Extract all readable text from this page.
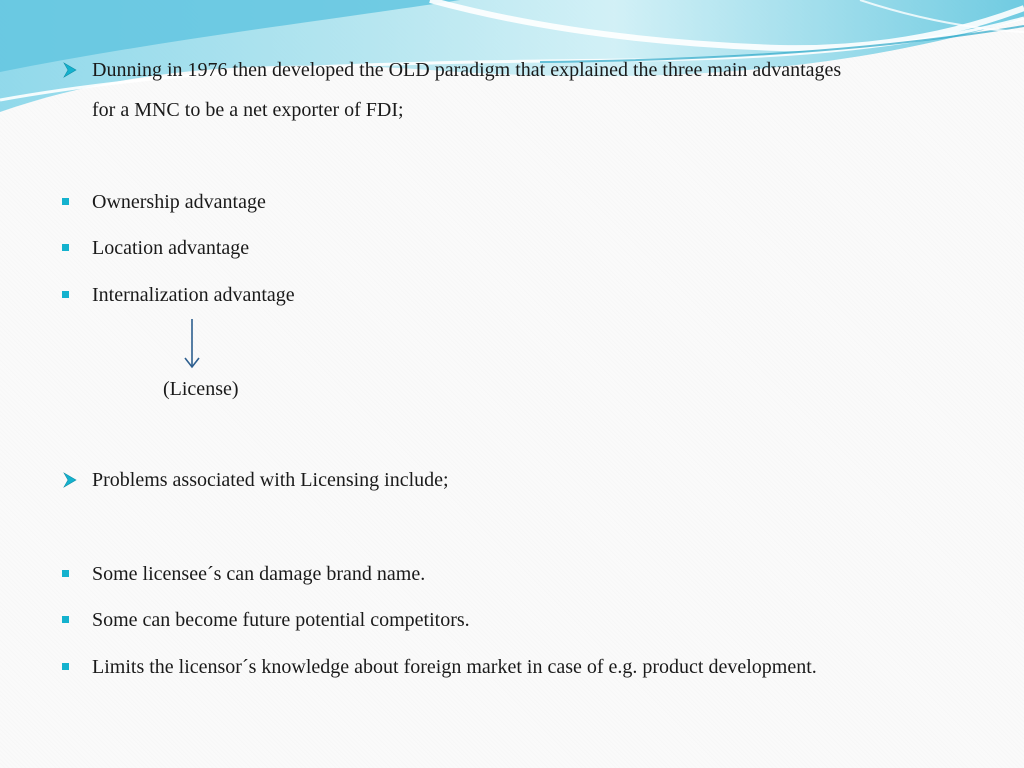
Dunning in 1976 then developed the OLD paradigm that explained the three main advantages
for a MNC to be a net exporter of FDI;
Ownership advantage
Location advantage
Internalization advantage
(License)
Problems associated with Licensing include;
Some licensee´s can damage brand name.
Some can become future potential competitors.
Limits the licensor´s knowledge about foreign market in case of e.g. product development.
